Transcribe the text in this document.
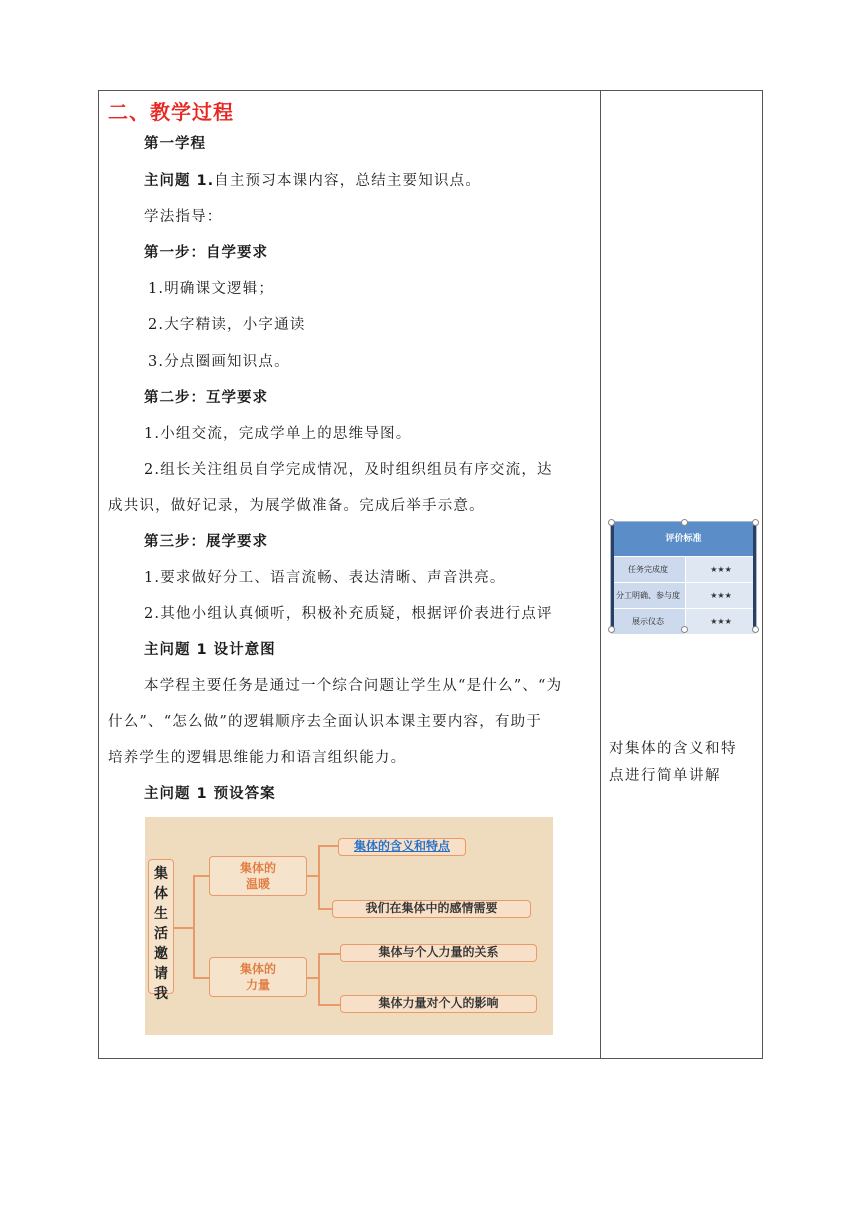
二、教学过程
第一学程
主问题 1.自主预习本课内容，总结主要知识点。
学法指导：
第一步：自学要求
1.明确课文逻辑；
2.大字精读，小字通读
3.分点圈画知识点。
第二步：互学要求
1.小组交流，完成学单上的思维导图。
2.组长关注组员自学完成情况，及时组织组员有序交流，达
成共识，做好记录，为展学做准备。完成后举手示意。
第三步：展学要求
1.要求做好分工、语言流畅、表达清晰、声音洪亮。
2.其他小组认真倾听，积极补充质疑，根据评价表进行点评
主问题 1 设计意图
本学程主要任务是通过一个综合问题让学生从“是什么”、“为
什么”、“怎么做”的逻辑顺序去全面认识本课主要内容，有助于
培养学生的逻辑思维能力和语言组织能力。
主问题 1 预设答案
集
体
生
活
邀
请
我
集体的
温暖
集体的
力量
集体的含义和特点
我们在集体中的感情需要
集体与个人力量的关系
集体力量对个人的影响
评价标准
任务完成度	★★★
分工明确、参与度	★★★
展示仪态	★★★
对集体的含义和特点进行简单讲解
